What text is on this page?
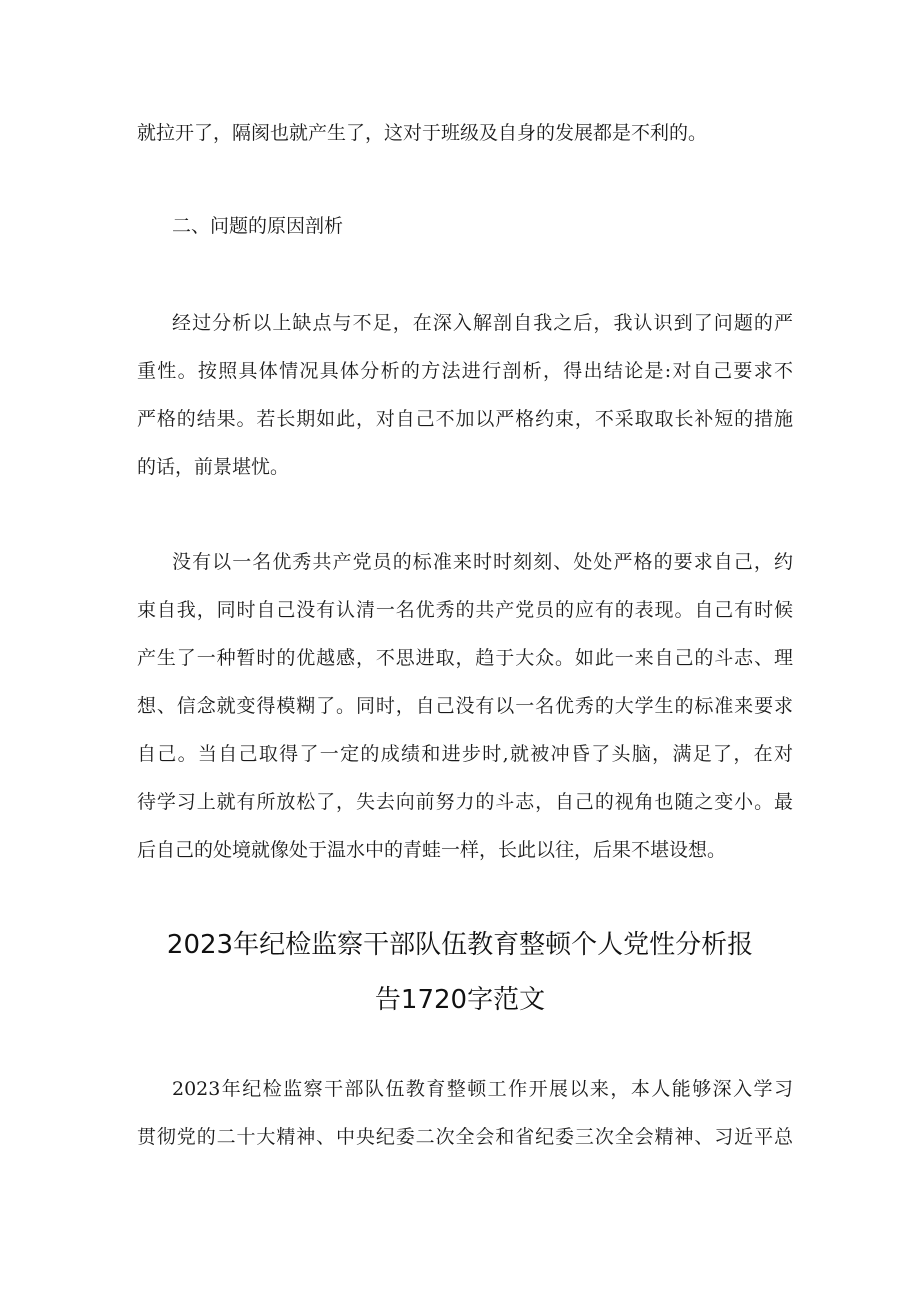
就拉开了，隔阂也就产生了，这对于班级及自身的发展都是不利的。
二、问题的原因剖析
经过分析以上缺点与不足，在深入解剖自我之后，我认识到了问题的严
重性。按照具体情况具体分析的方法进行剖析，得出结论是:对自己要求不
严格的结果。若长期如此，对自己不加以严格约束，不采取取长补短的措施
的话，前景堪忧。
没有以一名优秀共产党员的标准来时时刻刻、处处严格的要求自己，约
束自我，同时自己没有认清一名优秀的共产党员的应有的表现。自己有时候
产生了一种暂时的优越感，不思进取，趋于大众。如此一来自己的斗志、理
想、信念就变得模糊了。同时，自己没有以一名优秀的大学生的标准来要求
自己。当自己取得了一定的成绩和进步时,就被冲昏了头脑，满足了，在对
待学习上就有所放松了，失去向前努力的斗志，自己的视角也随之变小。最
后自己的处境就像处于温水中的青蛙一样，长此以往，后果不堪设想。
2023年纪检监察干部队伍教育整顿个人党性分析报
告1720字范文
2023年纪检监察干部队伍教育整顿工作开展以来，本人能够深入学习
贯彻党的二十大精神、中央纪委二次全会和省纪委三次全会精神、习近平总
